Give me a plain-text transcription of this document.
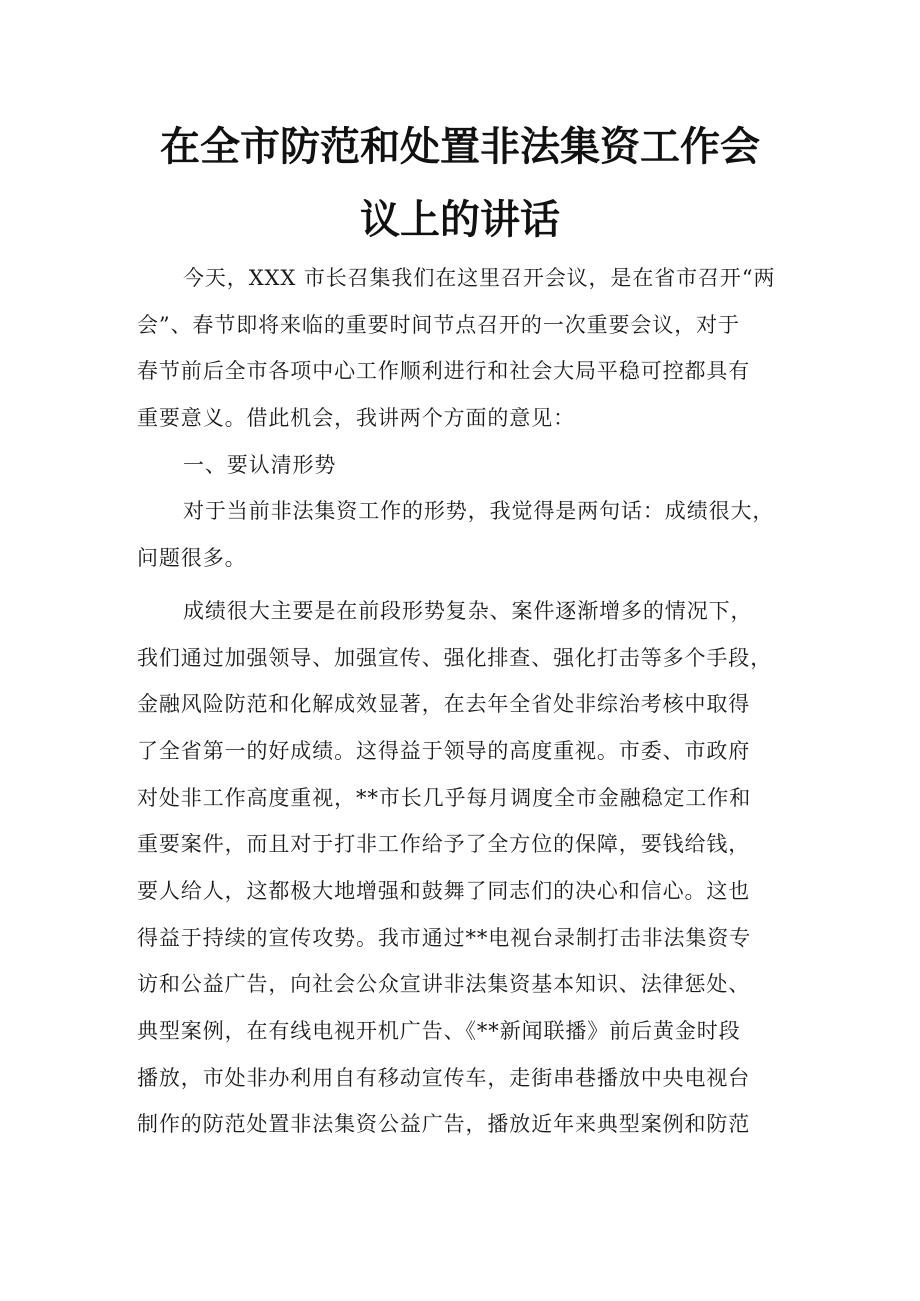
在全市防范和处置非法集资工作会
议上的讲话
今天，XXX 市长召集我们在这里召开会议，是在省市召开“两
会”、春节即将来临的重要时间节点召开的一次重要会议，对于
春节前后全市各项中心工作顺利进行和社会大局平稳可控都具有
重要意义。借此机会，我讲两个方面的意见：
一、要认清形势
对于当前非法集资工作的形势，我觉得是两句话：成绩很大，
问题很多。
成绩很大主要是在前段形势复杂、案件逐渐增多的情况下，
我们通过加强领导、加强宣传、强化排查、强化打击等多个手段，
金融风险防范和化解成效显著，在去年全省处非综治考核中取得
了全省第一的好成绩。这得益于领导的高度重视。市委、市政府
对处非工作高度重视，**市长几乎每月调度全市金融稳定工作和
重要案件，而且对于打非工作给予了全方位的保障，要钱给钱，
要人给人，这都极大地增强和鼓舞了同志们的决心和信心。这也
得益于持续的宣传攻势。我市通过**电视台录制打击非法集资专
访和公益广告，向社会公众宣讲非法集资基本知识、法律惩处、
典型案例，在有线电视开机广告、《**新闻联播》前后黄金时段
播放，市处非办利用自有移动宣传车，走街串巷播放中央电视台
制作的防范处置非法集资公益广告，播放近年来典型案例和防范
